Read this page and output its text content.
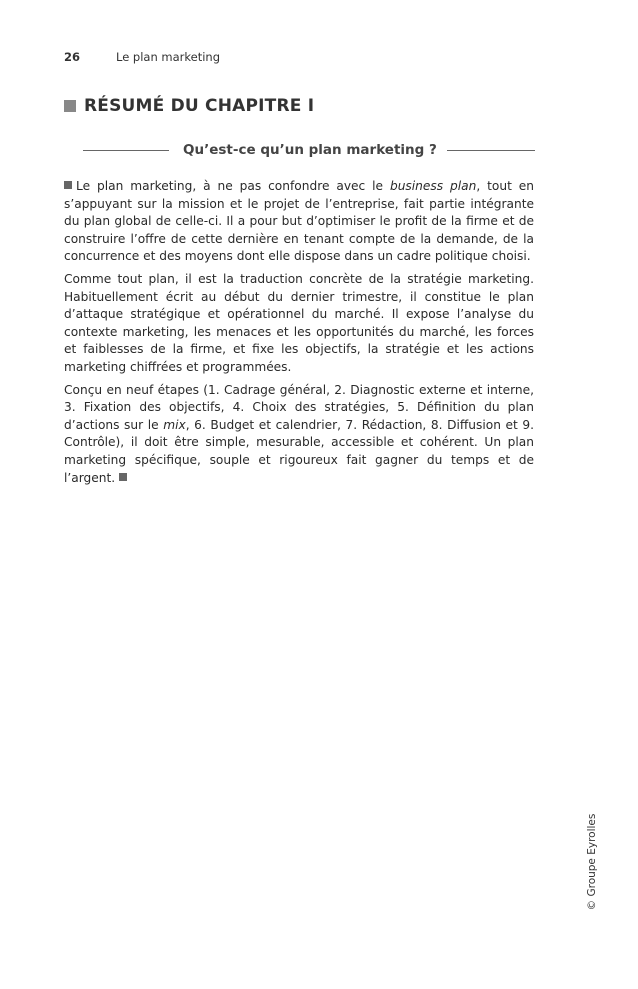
26	Le plan marketing
RÉSUMÉ DU CHAPITRE I
Qu’est-ce qu’un plan marketing ?

Le plan marketing, à ne pas confondre avec le business plan, tout en s’appuyant sur la mission et le projet de l’entreprise, fait partie intégrante du plan global de celle-ci. Il a pour but d’optimiser le profit de la firme et de construire l’offre de cette dernière en tenant compte de la demande, de la concurrence et des moyens dont elle dispose dans un cadre politique choisi.

Comme tout plan, il est la traduction concrète de la stratégie marketing. Habituellement écrit au début du dernier trimestre, il constitue le plan d’attaque stratégique et opérationnel du marché. Il expose l’analyse du contexte marketing, les menaces et les opportunités du marché, les forces et faiblesses de la firme, et fixe les objectifs, la stratégie et les actions marketing chiffrées et programmées.

Conçu en neuf étapes (1. Cadrage général, 2. Diagnostic externe et interne, 3. Fixation des objectifs, 4. Choix des stratégies, 5. Définition du plan d’actions sur le mix, 6. Budget et calendrier, 7. Rédaction, 8. Diffusion et 9. Contrôle), il doit être simple, mesurable, accessible et cohérent. Un plan marketing spécifique, souple et rigoureux fait gagner du temps et de l’argent.

© Groupe Eyrolles
